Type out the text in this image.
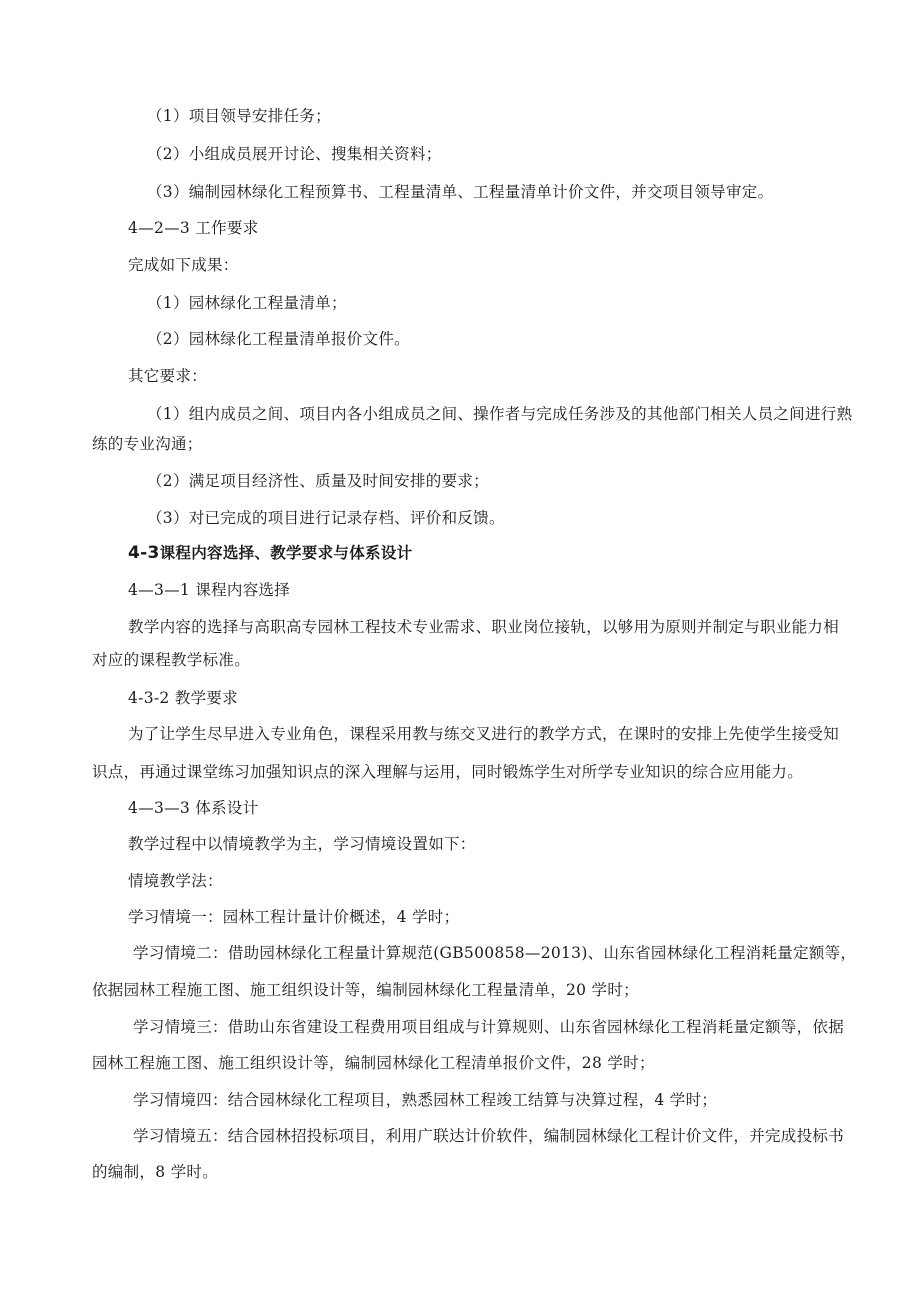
（1）项目领导安排任务；
（2）小组成员展开讨论、搜集相关资料；
（3）编制园林绿化工程预算书、工程量清单、工程量清单计价文件，并交项目领导审定。
4—2—3 工作要求
完成如下成果：
（1）园林绿化工程量清单；
（2）园林绿化工程量清单报价文件。
其它要求：
（1）组内成员之间、项目内各小组成员之间、操作者与完成任务涉及的其他部门相关人员之间进行熟
练的专业沟通；
（2）满足项目经济性、质量及时间安排的要求；
（3）对已完成的项目进行记录存档、评价和反馈。
4-3课程内容选择、教学要求与体系设计
4—3—1 课程内容选择
教学内容的选择与高职高专园林工程技术专业需求、职业岗位接轨，以够用为原则并制定与职业能力相
对应的课程教学标准。
4-3-2 教学要求
为了让学生尽早进入专业角色，课程采用教与练交叉进行的教学方式，在课时的安排上先使学生接受知
识点，再通过课堂练习加强知识点的深入理解与运用，同时锻炼学生对所学专业知识的综合应用能力。
4—3—3 体系设计
教学过程中以情境教学为主，学习情境设置如下：
情境教学法：
学习情境一：园林工程计量计价概述，4 学时；
学习情境二：借助园林绿化工程量计算规范(GB500858—2013)、山东省园林绿化工程消耗量定额等，
依据园林工程施工图、施工组织设计等，编制园林绿化工程量清单，20 学时；
学习情境三：借助山东省建设工程费用项目组成与计算规则、山东省园林绿化工程消耗量定额等，依据
园林工程施工图、施工组织设计等，编制园林绿化工程清单报价文件，28 学时；
学习情境四：结合园林绿化工程项目，熟悉园林工程竣工结算与决算过程，4 学时；
学习情境五：结合园林招投标项目，利用广联达计价软件，编制园林绿化工程计价文件，并完成投标书
的编制，8 学时。
